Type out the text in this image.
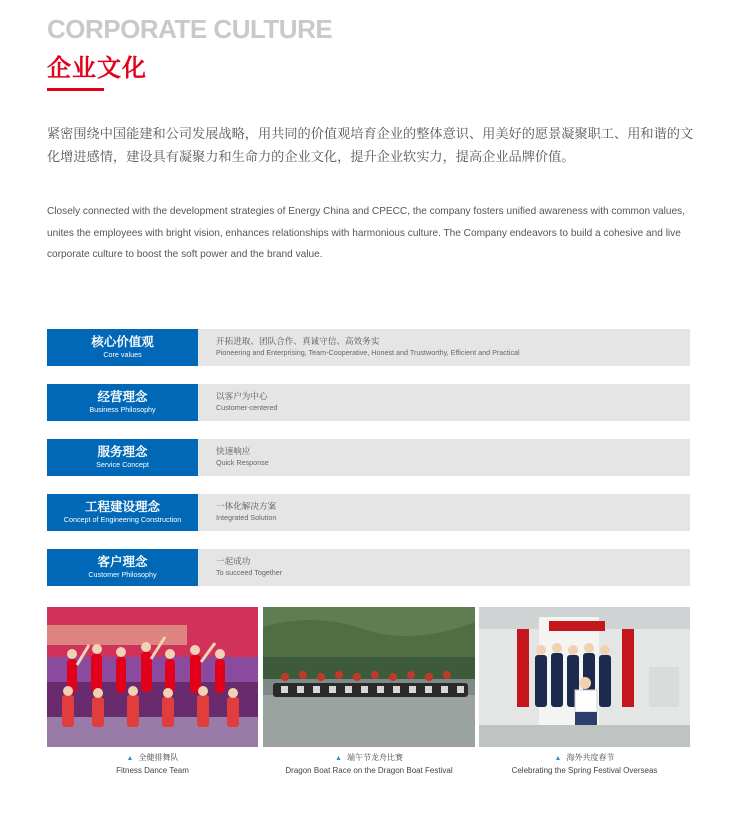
CORPORATE CULTURE
企业文化

紧密围绕中国能建和公司发展战略，用共同的价值观培育企业的整体意识、用美好的愿景凝聚职工、用和谐的文化增进感情，建设具有凝聚力和生命力的企业文化，提升企业软实力，提高企业品牌价值。

Closely connected with the development strategies of Energy China and CPECC, the company fosters unified awareness with common values, unites the employees with bright vision, enhances relationships with harmonious culture. The Company endeavors to build a cohesive and live corporate culture to boost the soft power and the brand value.

核心价值观
Core values
开拓进取、团队合作、真诚守信、高效务实
Pioneering and Enterprising, Team-Cooperative, Honest and Trustworthy, Efficient and Practical
经营理念
Business Philosophy
以客户为中心
Customer-centered
服务理念
Service Concept
快速响应
Quick Response
工程建设理念
Concept of Engineering Construction
一体化解决方案
Integrated Solution
客户理念
Customer Philosophy
一起成功
To succeed Together
▲ 全健排舞队
Fitness Dance Team
▲ 端午节龙舟比赛
Dragon Boat Race on the Dragon Boat Festival
▲ 海外共度春节
Celebrating the Spring Festival Overseas
